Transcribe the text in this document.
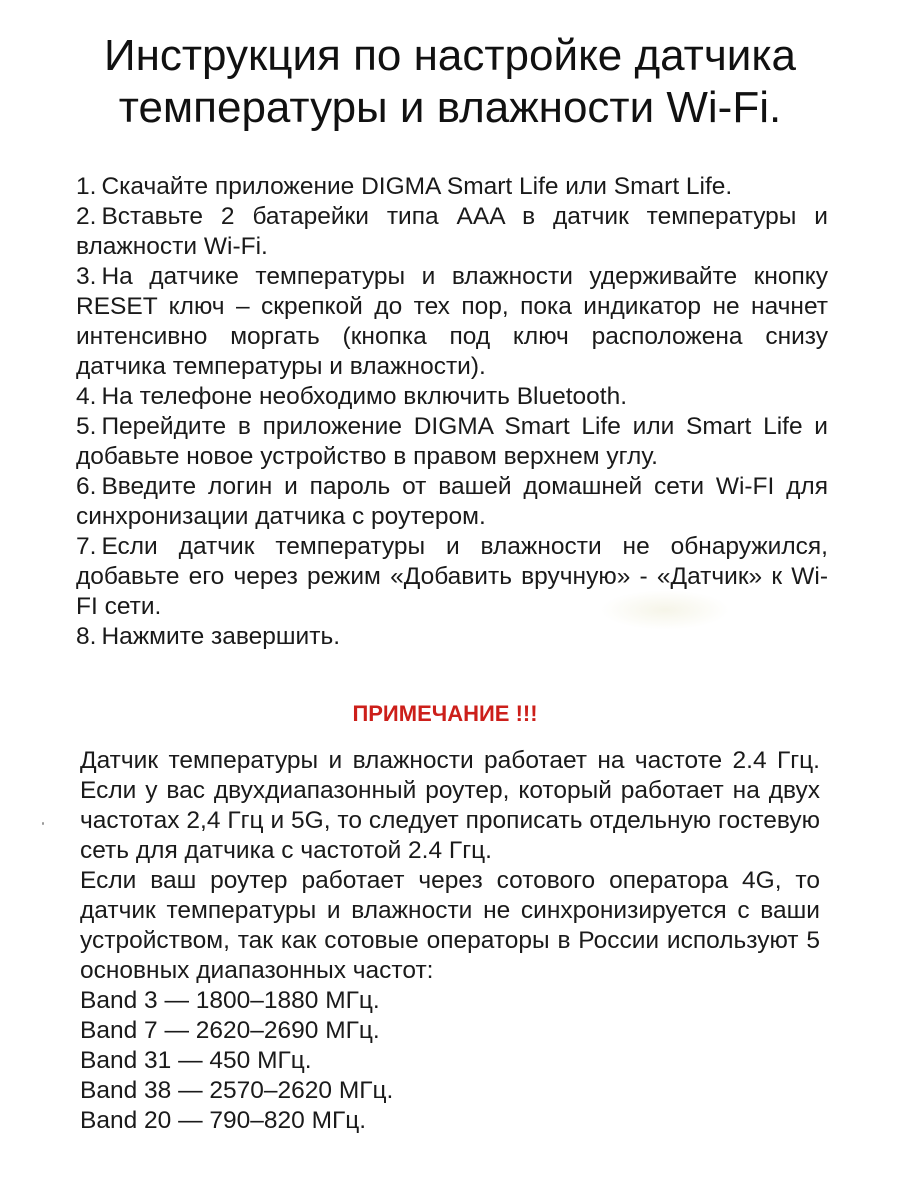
Инструкция по настройке датчика
температуры и влажности Wi-Fi.
1. Скачайте приложение DIGMA Smart Life или Smart Life.
2. Вставьте 2 батарейки типа AAA в датчик температуры и влажности Wi-Fi.
3. На датчике температуры и влажности удерживайте кнопку RESET ключ – скрепкой до тех пор, пока индикатор не начнет интенсивно моргать (кнопка под ключ расположена снизу датчика температуры и влажности).
4. На телефоне необходимо включить Bluetooth.
5. Перейдите в приложение DIGMA Smart Life или Smart Life и добавьте новое устройство в правом верхнем углу.
6. Введите логин и пароль от вашей домашней сети Wi-FI для синхронизации датчика с роутером.
7. Если датчик температуры и влажности не обнаружился, добавьте его через режим «Добавить вручную» - «Датчик» к Wi-FI сети.
8. Нажмите завершить.
ПРИМЕЧАНИЕ !!!

Датчик температуры и влажности работает на частоте 2.4 Ггц. Если у вас двухдиапазонный роутер, который работает на двух частотах 2,4 Ггц и 5G, то следует прописать отдельную гостевую сеть для датчика с частотой 2.4 Ггц.

Если ваш роутер работает через сотового оператора 4G, то датчик температуры и влажности не синхронизируется с ваши устройством, так как сотовые операторы в России используют 5 основных диапазонных частот:

Band 3 — 1800–1880 МГц.

Band 7 — 2620–2690 МГц.

Band 31 — 450 МГц.

Band 38 — 2570–2620 МГц.

Band 20 — 790–820 МГц.
